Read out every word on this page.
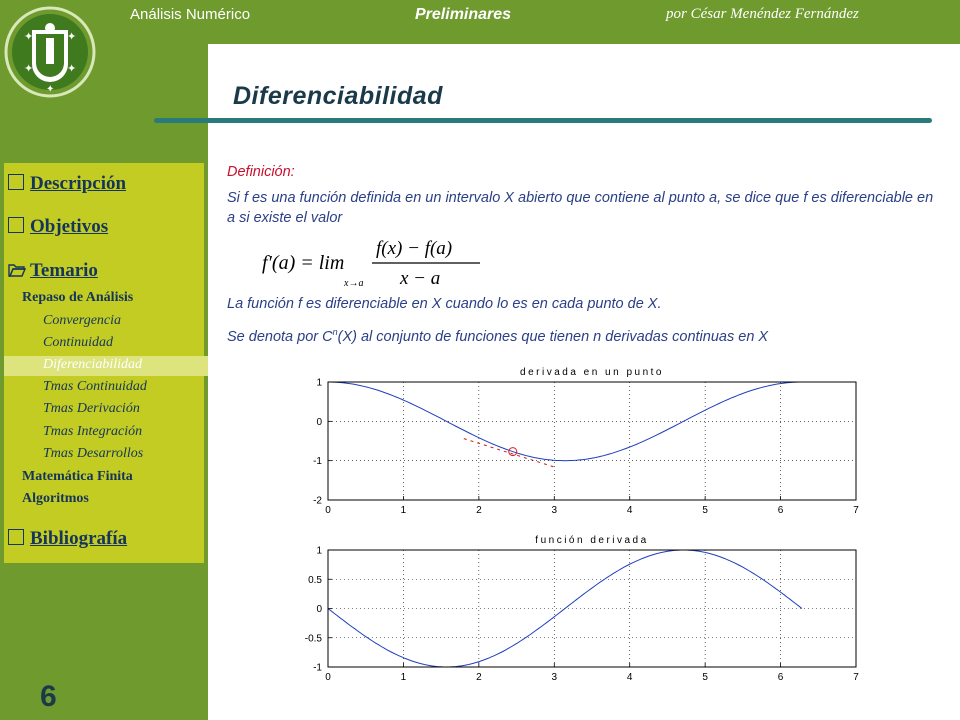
✦	✦
✦	✦
✦
Análisis Numérico	Preliminares	por César Menéndez Fernández
Diferenciabilidad
Descripción
Objetivos
Temario
Repaso de Análisis
Convergencia
Continuidad
Diferenciabilidad
Tmas Continuidad
Tmas Derivación
Tmas Integración
Tmas Desarrollos
Matemática Finita
Algoritmos
Bibliografía
6

Definición:

Si f es una función definida en un intervalo X abierto que contiene al punto a, se dice que f es diferenciable en a si existe el valor

f′(a) = lim
x→a
f(x) − f(a)
x − a
La función f es diferenciable en X cuando lo es en cada punto de X.
Se denota por $C^n(X)$ al conjunto de funciones que tienen n derivadas continuas en X
derivada en un punto
0	1	2	3	4	5	6	7
1
0
-1
-2
función derivada
0	1	2	3	4	5	6	7
1
0.5
0
-0.5
-1
